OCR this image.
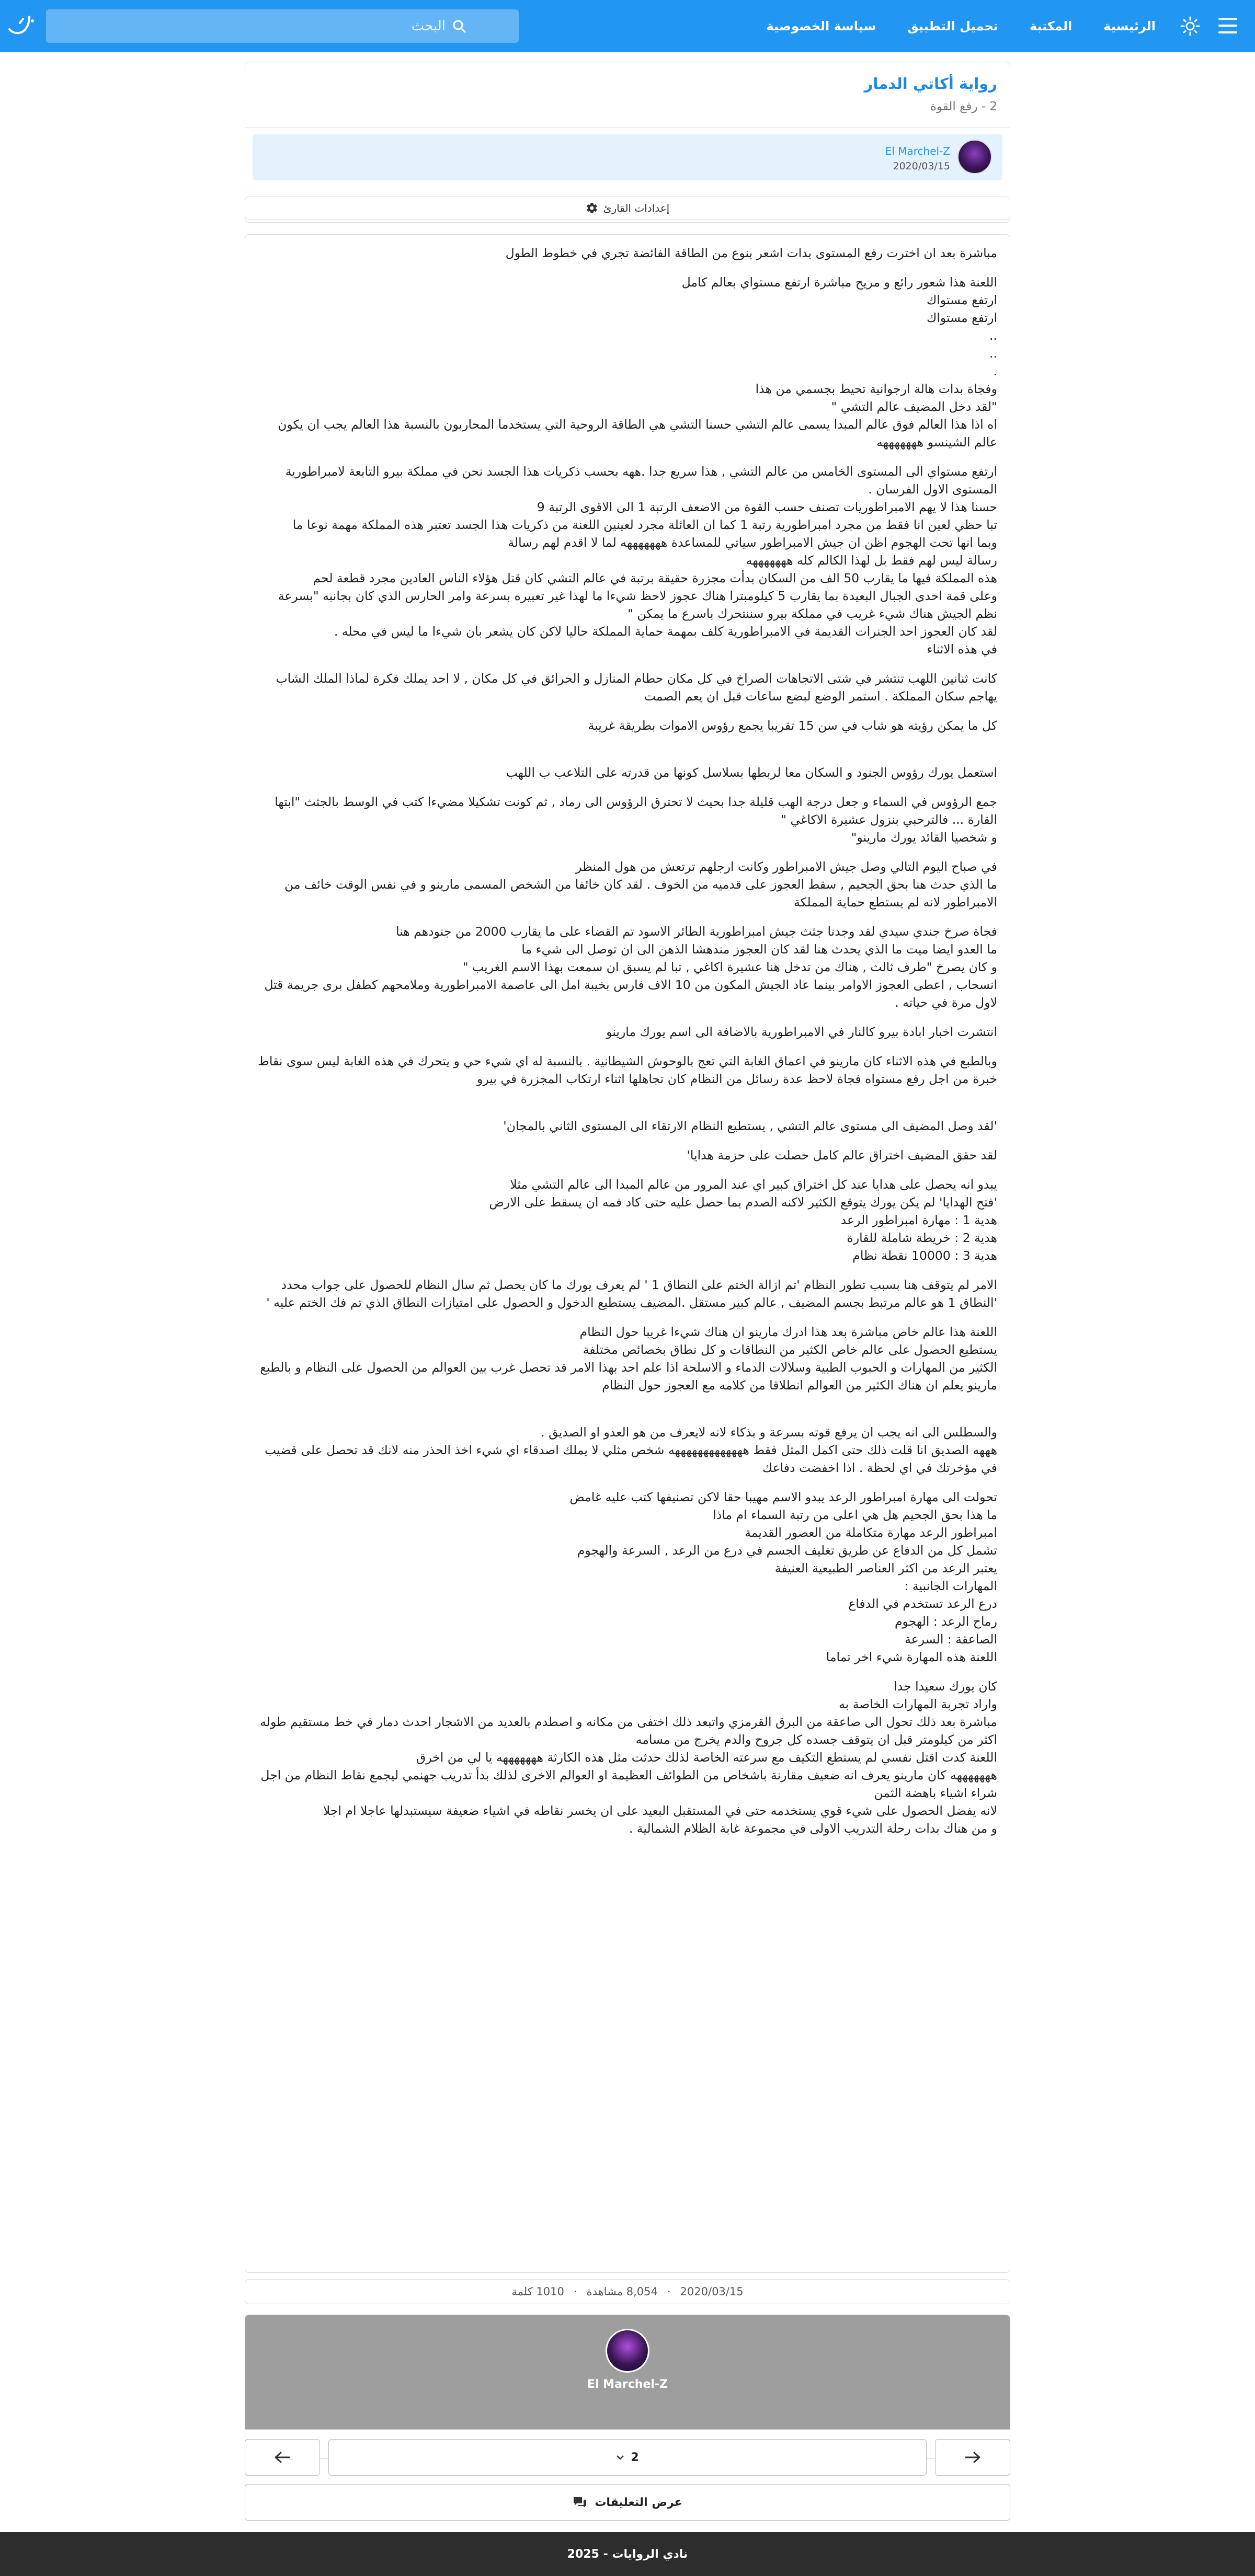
الرئيسية
المكتبة
تحميل التطبيق
سياسة الخصوصية
البحث
رواية أكاتي الدمار
2 - رفع القوة
El Marchel-Z
2020/03/15
إعدادات القارئ

مباشرة بعد ان اخترت رفع المستوى بدات اشعر بنوع من الطاقة الفائضة تجري في خطوط الطول

اللعنة هذا شعور رائع و مريح مباشرة ارتفع مستواي بعالم كامل
ارتفع مستواك
ارتفع مستواك
..
..
.
وفجاة بدات هالة ارجوانية تحيط بجسمي من هذا
"لقد دخل المضيف عالم التشي "
اه اذا هذا العالم فوق عالم المبدا يسمى عالم التشي حسنا التشي هي الطاقة الروحية التي يستخدما المحاربون بالنسبة هذا العالم يجب ان يكون عالم الشينسو هههههههه

ارتفع مستواي الى المستوى الخامس من عالم التشي , هذا سريع جدا .ههه بحسب ذكريات هذا الجسد نحن في مملكة بيرو التابعة لامبراطورية المستوى الاول الفرسان .
حسنا هذا لا يهم الامبراطوريات تصنف حسب القوة من الاضعف الرتبة 1 الى الاقوى الرتبة 9
تبا حظي لعين انا فقط من مجرد امبراطورية رتبة 1 كما ان العائلة مجرد لعينين اللعنة من ذكريات هذا الجسد تعتبر هذه المملكة مهمة نوعا ما
وبما انها تحت الهجوم اظن ان جيش الامبراطور سياتي للمساعدة هههههههه لما لا اقدم لهم رسالة
رسالة ليس لهم فقط بل لهذا الكالم كله هههههههه
هذه المملكة فيها ما يقارب 50 الف من السكان بدأت مجزرة حقيقة برتبة في عالم التشي كان قتل هؤلاء الناس العادين مجرد قطعة لحم
وعلى قمة احدى الجبال البعيدة بما يقارب 5 كيلومبترا هناك عجوز لاحظ شيءا ما لهذا غير تعبيره بسرعة وامر الحارس الذي كان بجانبه "بسرعة نظم الجيش هناك شيء غريب في مملكة بيرو سننتحرك باسرع ما يمكن "
لقد كان العجوز احد الجنرات القديمة في الامبراطورية كلف بمهمة حماية المملكة حاليا لاكن كان يشعر بان شيءا ما ليس في محله .
في هذه الاثناء

كانت ثنانين اللهب تنتشر في شتى الاتجاهات الصراخ في كل مكان حطام المنازل و الحرائق في كل مكان , لا احد يملك فكرة لماذا الملك الشاب يهاجم سكان المملكة . استمر الوضع لبضع ساعات قبل ان يعم الصمت

كل ما يمكن رؤيته هو شاب في سن 15 تقريبا يجمع رؤوس الاموات بطريقة غريبة

استعمل يورك رؤوس الجنود و السكان معا لربطها بسلاسل كونها من قدرته على التلاعب ب اللهب

جمع الرؤوس في السماء و جعل درجة الهب قليلة جدا بحيث لا تحترق الرؤوس الى رماد , ثم كونت تشكيلا مضيءا كتب في الوسط بالجثث "ابتها القارة ... فالترحبي بنزول عشيرة الاكاغي "
و شخصيا القائد يورك مارينو"

في صباح اليوم التالي وصل جيش الامبراطور وكانت ارجلهم ترتعش من هول المنظر
ما الذي حدث هنا بحق الجحيم , سقط العجوز على قدميه من الخوف . لقد كان خائفا من الشخص المسمى مارينو و في نفس الوقت خائف من الامبراطور لانه لم يستطع حماية المملكة

فجاة صرخ جندي سيدي لقد وجدنا جثث جيش امبراطورية الطائر الاسود تم القضاء على ما يقارب 2000 من جنودهم هنا
ما العدو ايضا ميت ما الذي يحدث هنا لقد كان العجوز مندهشا الذهن الى ان توصل الى شيء ما
و كان يصرخ "طرف ثالث , هناك من تدخل هنا عشيرة اكاغي , تبا لم يسبق ان سمعت بهذا الاسم الغريب "
انسحاب , اعطى العجوز الاوامر بينما عاد الجيش المكون من 10 الاف فارس بخيبة امل الى عاصمة الامبراطورية وملامحهم كطفل برى جريمة قتل لاول مرة في حياته .

انتشرت اخبار ابادة بيرو كالنار في الامبراطورية بالاضافة الى اسم يورك مارينو

وبالطبع في هذه الاثناء كان مارينو في اعماق الغابة التي تعج بالوحوش الشيطانية . بالنسبة له اي شيء حي و يتحرك في هذه الغابة ليس سوى نقاط خبرة من اجل رفع مستواه فجاة لاحظ عدة رسائل من النظام كان تجاهلها اثناء ارتكاب المجزرة في بيرو

'لقد وصل المضيف الى مستوى عالم التشي , يستطيع النظام الارتقاء الى المستوى الثاني بالمجان'

لقد حقق المضيف اختراق عالم كامل حصلت على حزمة هدايا'

يبدو انه يحصل على هدايا عند كل اختراق كبير اي عند المرور من عالم المبدا الى عالم التشي مثلا
'فتح الهدايا' لم يكن يورك يتوقع الكثير لاكنه الصدم بما حصل عليه حتى كاد فمه ان يسقط على الارض
هدية 1 : مهارة امبراطور الرعد
هدية 2 : خريطة شاملة للقارة
هدية 3 : 10000 نقطة نظام

الامر لم يتوقف هنا بسبب تطور النظام 'تم ازالة الختم على النطاق 1 ' لم يعرف يورك ما كان يحصل ثم سال النظام للحصول على جواب محدد
'النطاق 1 هو عالم مرتبط بجسم المضيف , عالم كبير مستقل .المضيف يستطيع الدخول و الحصول على امتيازات النطاق الذي تم فك الختم عليه '

اللعنة هذا عالم خاص مباشرة بعد هذا ادرك مارينو ان هناك شيءا غريبا حول النظام
يستطيع الحصول على عالم خاص الكثير من النطاقات و كل نطاق بخصائص مختلفة
الكثير من المهارات و الحبوب الطبية وسلالات الدماء و الاسلحة اذا علم احد بهذا الامر قد تحصل غرب بين العوالم من الحصول على النظام و بالطبع مارينو يعلم ان هناك الكثير من العوالم انطلاقا من كلامه مع العجوز حول النظام

والسطلس الى انه يجب ان يرفع قوته بسرعة و بذكاء لانه لايعرف من هو العدو او الصديق .
هههه الصديق انا قلت ذلك حتى اكمل المثل فقط هههههههههههههه شخص مثلي لا يملك اصدقاء اي شيء اخذ الحذر منه لانك قد تحصل على قضيب في مؤخرتك في اي لحظة . اذا اخفضت دفاعك

تحولت الى مهارة امبراطور الرعد يبدو الاسم مهيبا حقا لاكن تصنيفها كتب عليه غامض
ما هذا بحق الجحيم هل هي اعلى من رتبة السماء ام ماذا
امبراطور الرعد مهارة متكاملة من العصور القديمة
تشمل كل من الدفاع عن طريق تغليف الجسم في درع من الرعد , السرعة والهجوم
يعتبر الرعد من اكثر العناصر الطبيعية العنيفة
المهارات الجانبية :
درع الرعد تستخدم في الدفاع
رماح الرعد : الهجوم
الصاعقة : السرعة
اللعنة هذه المهارة شيء اخر تماما

كان يورك سعيدا جدا
واراد تجربة المهارات الخاصة به
مباشرة بعد ذلك تحول الى صاعقة من البرق القرمزي واتبعد ذلك اختفى من مكانه و اصطدم بالعديد من الاشجار احدث دمار في خط مستقيم طوله اكثر من كيلومتر قبل ان يتوقف جسده كل جروح والدم يخرج من مسامه
اللعنة كدت اقتل نفسي لم يستطع التكيف مع سرعته الخاصة لذلك حدثت مثل هذه الكارثة هههههههه يا لي من اخرق
هههههههه كان مارينو يعرف انه ضعيف مقارنة باشخاص من الطوائف العظيمة او العوالم الاخرى لذلك بدأ تدريب جهنمي ليجمع نقاط النظام من اجل شراء اشياء باهضة الثمن
لانه يفضل الحصول على شيء قوي يستخدمه حتى في المستقبل البعيد على ان يخسر نقاطه في اشياء ضعيفة سيستبدلها عاجلا ام اجلا
و من هناك بدات رحلة التدريب الاولى في مجموعة غابة الظلام الشمالية .

2020/03/15
·
8,054 مشاهدة
·
1010 كلمة
El Marchel-Z
2
عرض التعليقات
نادي الروايات - 2025
